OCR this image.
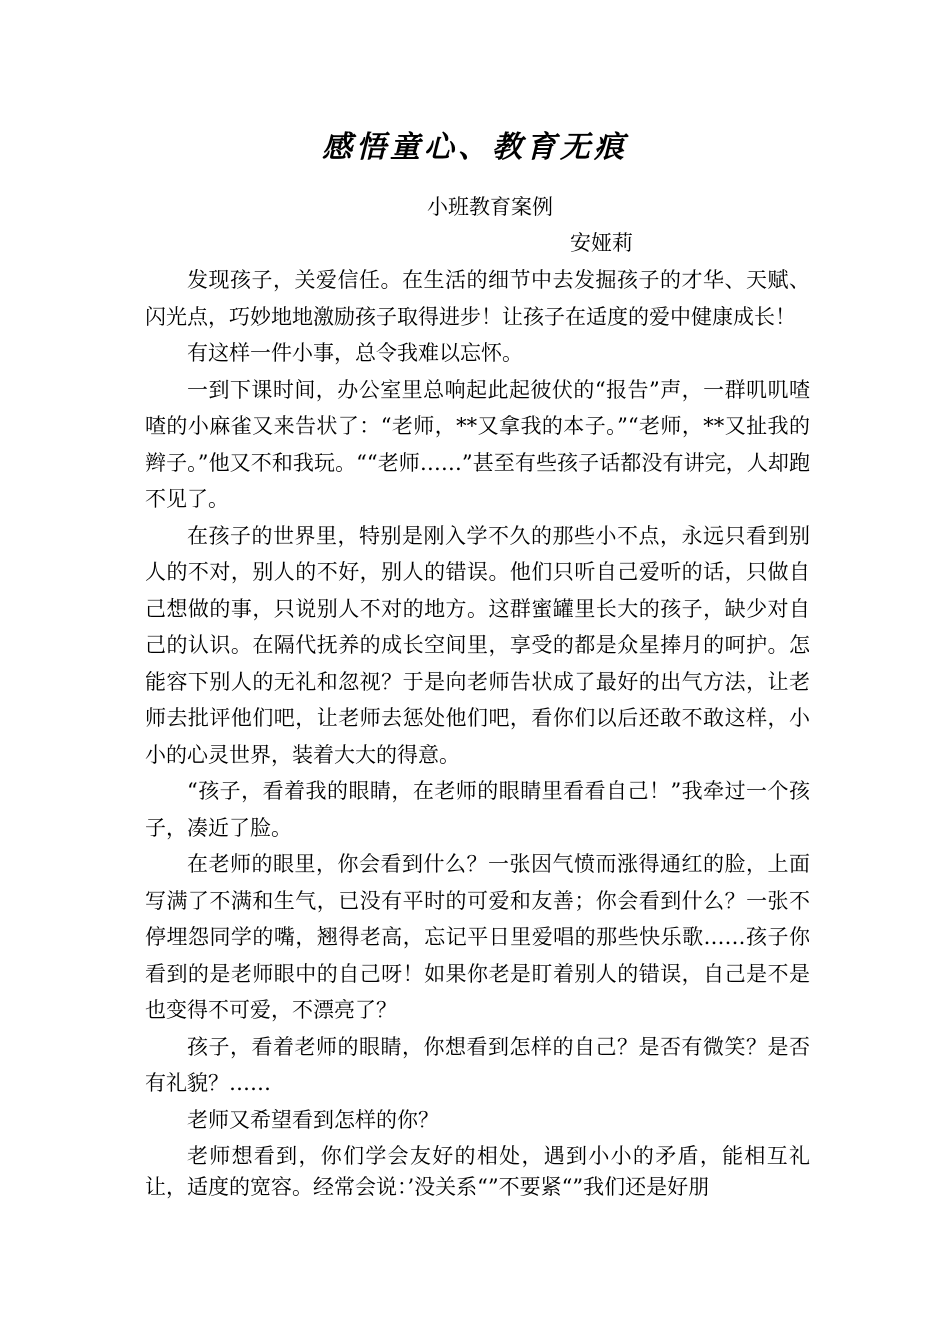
感悟童心、教育无痕
小班教育案例
安娅莉

发现孩子，关爱信任。在生活的细节中去发掘孩子的才华、天赋、闪光点，巧妙地地激励孩子取得进步！让孩子在适度的爱中健康成长！

有这样一件小事，总令我难以忘怀。

一到下课时间，办公室里总响起此起彼伏的“报告”声，一群叽叽喳喳的小麻雀又来告状了：“老师，**又拿我的本子。”“老师，**又扯我的辫子。”他又不和我玩。““老师……”甚至有些孩子话都没有讲完，人却跑不见了。

在孩子的世界里，特别是刚入学不久的那些小不点，永远只看到别人的不对，别人的不好，别人的错误。他们只听自己爱听的话，只做自己想做的事，只说别人不对的地方。这群蜜罐里长大的孩子，缺少对自己的认识。在隔代抚养的成长空间里，享受的都是众星捧月的呵护。怎能容下别人的无礼和忽视？于是向老师告状成了最好的出气方法，让老师去批评他们吧，让老师去惩处他们吧，看你们以后还敢不敢这样，小小的心灵世界，装着大大的得意。

“孩子，看着我的眼睛，在老师的眼睛里看看自己！”我牵过一个孩子，凑近了脸。

在老师的眼里，你会看到什么？一张因气愤而涨得通红的脸，上面写满了不满和生气，已没有平时的可爱和友善；你会看到什么？一张不停埋怨同学的嘴，翘得老高，忘记平日里爱唱的那些快乐歌……孩子你看到的是老师眼中的自己呀！如果你老是盯着别人的错误，自己是不是也变得不可爱，不漂亮了？

孩子，看着老师的眼睛，你想看到怎样的自己？是否有微笑？是否有礼貌？……

老师又希望看到怎样的你？

老师想看到，你们学会友好的相处，遇到小小的矛盾，能相互礼让，适度的宽容。经常会说：’没关系“”不要紧“”我们还是好朋
